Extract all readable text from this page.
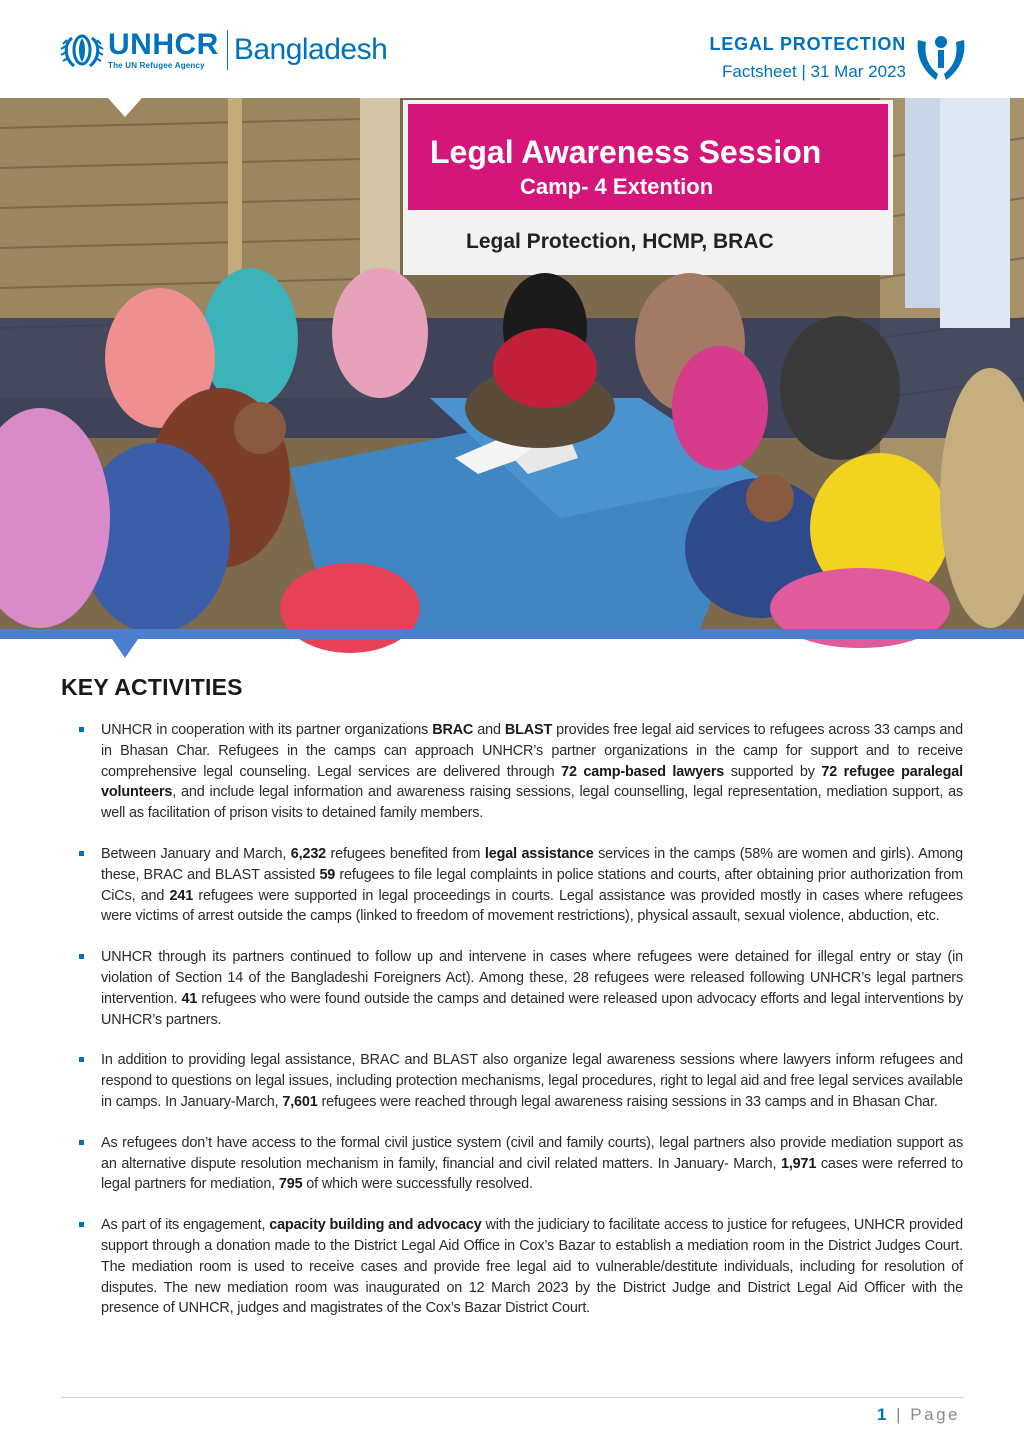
UNHCR
The UN Refugee Agency Bangladesh	LEGAL PROTECTION
Factsheet | 31 Mar 2023
Legal Awareness Session
Camp- 4 Extention
Legal Protection, HCMP, BRAC
Legal awareness session with a group of refugee women in Camp 4 Ext. @BRAC
KEY ACTIVITIES
UNHCR in cooperation with its partner organizations BRAC and BLAST provides free legal aid services to refugees across 33 camps and in Bhasan Char. Refugees in the camps can approach UNHCR’s partner organizations in the camp for support and to receive comprehensive legal counseling. Legal services are delivered through 72 camp-based lawyers supported by 72 refugee paralegal volunteers, and include legal information and awareness raising sessions, legal counselling, legal representation, mediation support, as well as facilitation of prison visits to detained family members.
Between January and March, 6,232 refugees benefited from legal assistance services in the camps (58% are women and girls). Among these, BRAC and BLAST assisted 59 refugees to file legal complaints in police stations and courts, after obtaining prior authorization from CiCs, and 241 refugees were supported in legal proceedings in courts. Legal assistance was provided mostly in cases where refugees were victims of arrest outside the camps (linked to freedom of movement restrictions), physical assault, sexual violence, abduction, etc.
UNHCR through its partners continued to follow up and intervene in cases where refugees were detained for illegal entry or stay (in violation of Section 14 of the Bangladeshi Foreigners Act). Among these, 28 refugees were released following UNHCR’s legal partners intervention. 41 refugees who were found outside the camps and detained were released upon advocacy efforts and legal interventions by UNHCR’s partners.
In addition to providing legal assistance, BRAC and BLAST also organize legal awareness sessions where lawyers inform refugees and respond to questions on legal issues, including protection mechanisms, legal procedures, right to legal aid and free legal services available in camps. In January-March, 7,601 refugees were reached through legal awareness raising sessions in 33 camps and in Bhasan Char.
As refugees don’t have access to the formal civil justice system (civil and family courts), legal partners also provide mediation support as an alternative dispute resolution mechanism in family, financial and civil related matters. In January- March, 1,971 cases were referred to legal partners for mediation, 795 of which were successfully resolved.
As part of its engagement, capacity building and advocacy with the judiciary to facilitate access to justice for refugees, UNHCR provided support through a donation made to the District Legal Aid Office in Cox’s Bazar to establish a mediation room in the District Judges Court. The mediation room is used to receive cases and provide free legal aid to vulnerable/destitute individuals, including for resolution of disputes. The new mediation room was inaugurated on 12 March 2023 by the District Judge and District Legal Aid Officer with the presence of UNHCR, judges and magistrates of the Cox’s Bazar District Court.
1 | Page
